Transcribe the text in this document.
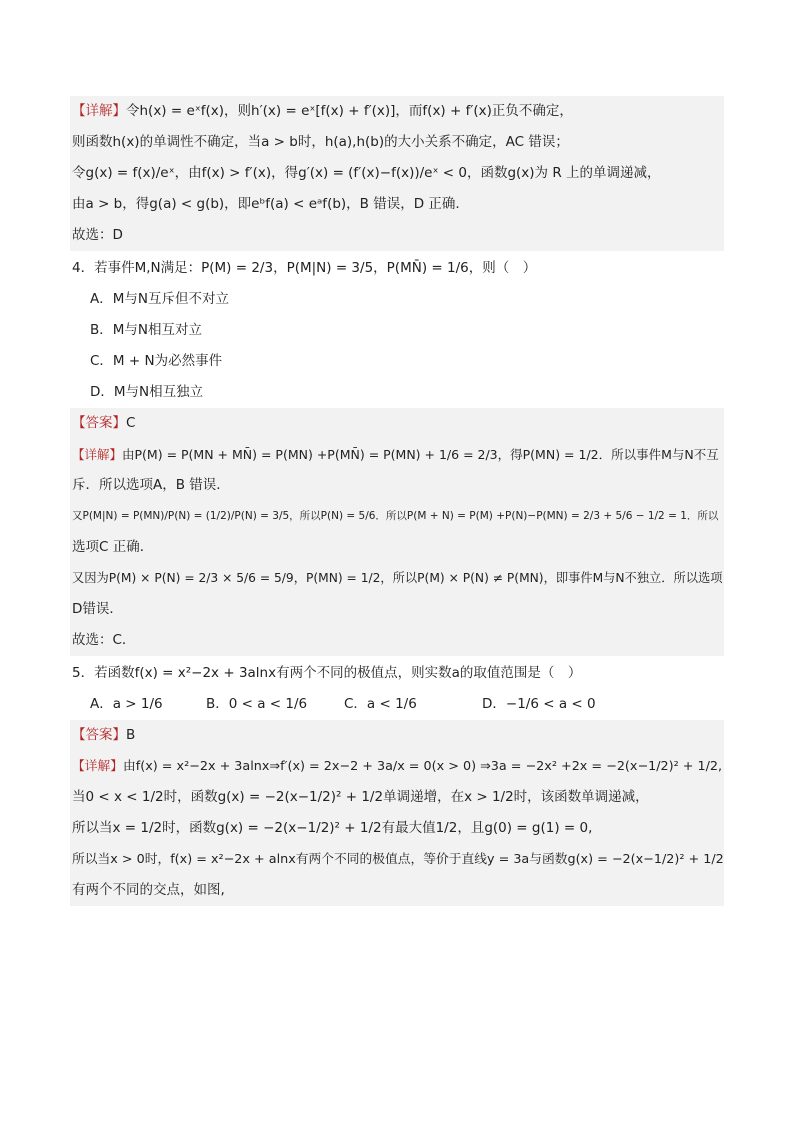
【详解】令h(x) = eˣf(x)，则h′(x) = eˣ[f(x) + f′(x)]，而f(x) + f′(x)正负不确定，
则函数h(x)的单调性不确定，当a > b时，h(a),h(b)的大小关系不确定，AC 错误；
令g(x) = f(x)/eˣ，由f(x) > f′(x)，得g′(x) = (f′(x)−f(x))/eˣ < 0，函数g(x)为 R 上的单调递减，
由a > b，得g(a) < g(b)，即eᵇf(a) < eᵃf(b)，B 错误，D 正确.
故选：D
4．若事件M,N满足：P(M) = 2/3，P(M|N) = 3/5，P(MN̄) = 1/6，则（　）
A．M与N互斥但不对立
B．M与N相互对立
C．M + N为必然事件
D．M与N相互独立
【答案】C
【详解】由P(M) = P(MN + MN̄) = P(MN) +P(MN̄) = P(MN) + 1/6 = 2/3，得P(MN) = 1/2．所以事件M与N不互
斥．所以选项A，B 错误．
又P(M|N) = P(MN)/P(N) = (1/2)/P(N) = 3/5，所以P(N) = 5/6．所以P(M + N) = P(M) +P(N)−P(MN) = 2/3 + 5/6 − 1/2 = 1．所以
选项C 正确．
又因为P(M) × P(N) = 2/3 × 5/6 = 5/9，P(MN) = 1/2，所以P(M) × P(N) ≠ P(MN)，即事件M与N不独立．所以选项
D错误．
故选：C．
5．若函数f(x) = x²−2x + 3alnx有两个不同的极值点，则实数a的取值范围是（　）
A．a > 1/6	B．0 < a < 1/6	C．a < 1/6	D．−1/6 < a < 0
【答案】B
【详解】由f(x) = x²−2x + 3alnx⇒f′(x) = 2x−2 + 3a/x = 0(x > 0) ⇒3a = −2x² +2x = −2(x−1/2)² + 1/2,
当0 < x < 1/2时，函数g(x) = −2(x−1/2)² + 1/2单调递增，在x > 1/2时，该函数单调递减，
所以当x = 1/2时，函数g(x) = −2(x−1/2)² + 1/2有最大值1/2，且g(0) = g(1) = 0,
所以当x > 0时，f(x) = x²−2x + alnx有两个不同的极值点，等价于直线y = 3a与函数g(x) = −2(x−1/2)² + 1/2
有两个不同的交点，如图,
